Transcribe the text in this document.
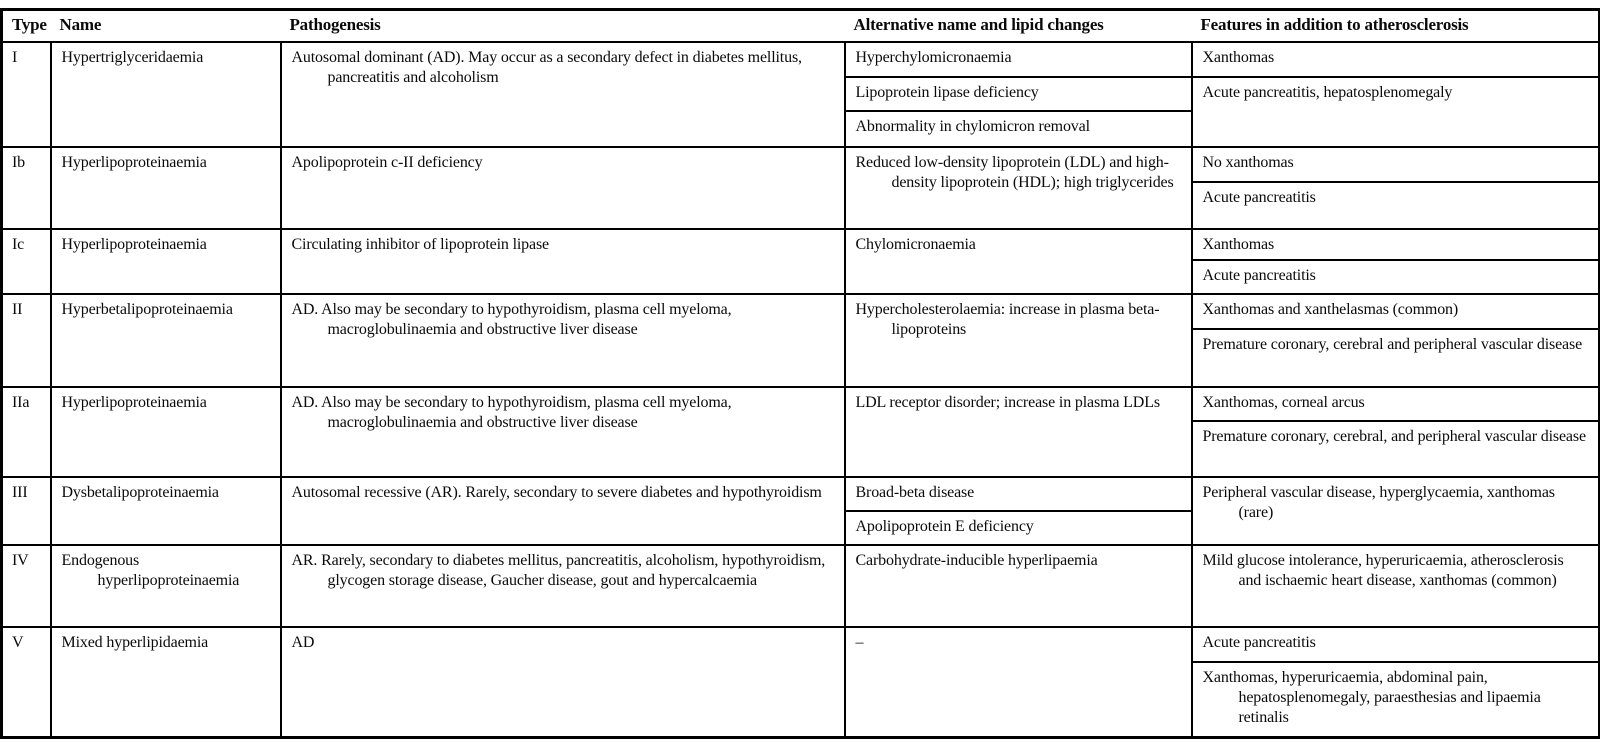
Type	Name	Pathogenesis	Alternative name and lipid changes	Features in addition to atherosclerosis

I	Hypertriglyceridaemia	Autosomal dominant (AD). May occur as a secondary defect in diabetes mellitus, pancreatitis and alcoholism	Hyperchylomicronaemia	Xanthomas

			Lipoprotein lipase deficiency	Acute pancreatitis, hepatosplenomegaly

			Abnormality in chylomicron removal	

Ib	Hyperlipoproteinaemia	Apolipoprotein c-II deficiency	Reduced low-density lipoprotein (LDL) and high-density lipoprotein (HDL); high triglycerides	No xanthomas

				Acute pancreatitis

Ic	Hyperlipoproteinaemia	Circulating inhibitor of lipoprotein lipase	Chylomicronaemia	Xanthomas

				Acute pancreatitis

II	Hyperbetalipoproteinaemia	AD. Also may be secondary to hypothyroidism, plasma cell myeloma, macroglobulinaemia and obstructive liver disease	Hypercholesterolaemia: increase in plasma beta-lipoproteins	Xanthomas and xanthelasmas (common)

				Premature coronary, cerebral and peripheral vascular disease

IIa	Hyperlipoproteinaemia	AD. Also may be secondary to hypothyroidism, plasma cell myeloma, macroglobulinaemia and obstructive liver disease	LDL receptor disorder; increase in plasma LDLs	Xanthomas, corneal arcus

				Premature coronary, cerebral, and peripheral vascular disease

III	Dysbetalipoproteinaemia	Autosomal recessive (AR). Rarely, secondary to severe diabetes and hypothyroidism	Broad-beta disease	Peripheral vascular disease, hyperglycaemia, xanthomas (rare)

			Apolipoprotein E deficiency	

IV	Endogenous hyperlipoproteinaemia	AR. Rarely, secondary to diabetes mellitus, pancreatitis, alcoholism, hypothyroidism, glycogen storage disease, Gaucher disease, gout and hypercalcaemia	Carbohydrate-inducible hyperlipaemia	Mild glucose intolerance, hyperuricaemia, atherosclerosis and ischaemic heart disease, xanthomas (common)

V	Mixed hyperlipidaemia	AD	–	Acute pancreatitis

				Xanthomas, hyperuricaemia, abdominal pain, hepatosplenomegaly, paraesthesias and lipaemia retinalis
